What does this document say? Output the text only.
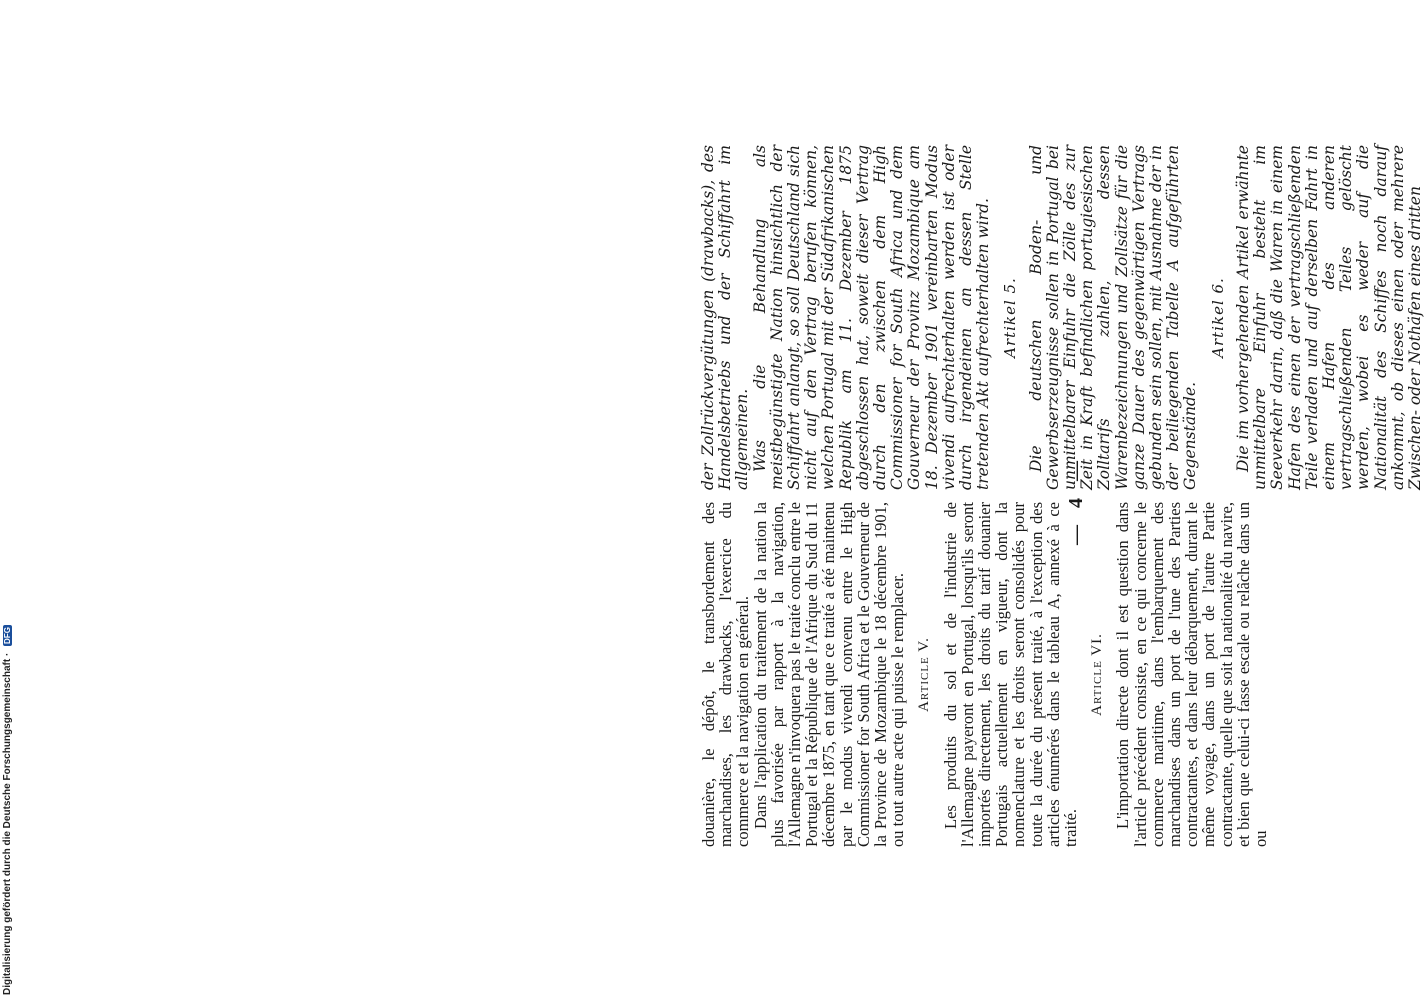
Digitalisierung gefördert durch die Deutsche Forschungsgemeinschaft · DFG
— 4 —

douanière, le dépôt, le transbordement des marchandises, les drawbacks, l'exercice du commerce et la navigation en général.

Dans l'application du traitement de la nation la plus favorisée par rapport à la navigation, l'Allemagne n'invoquera pas le traité conclu entre le Portugal et la République de l'Afrique du Sud du 11 décembre 1875, en tant que ce traité a été maintenu par le modus vivendi convenu entre le High Commissioner for South Africa et le Gouverneur de la Province de Mozambique le 18 décembre 1901, ou tout autre acte qui puisse le remplacer. Article V. Les produits du sol et de l'industrie de l'Allemagne payeront en Portugal, lorsqu'ils seront importés directement, les droits du tarif douanier Portugais actuellement en vigueur, dont la nomenclature et les droits seront consolidés pour toute la durée du présent traité, à l'exception des articles énumérés dans le tableau A, annexé à ce traité.

Article VI. L'importation directe dont il est question dans l'article précédent consiste, en ce qui concerne le commerce maritime, dans l'embarquement des marchandises dans un port de l'une des Parties contractantes, et dans leur débarquement, durant le même voyage, dans un port de l'autre Partie contractante, quelle que soit la nationalité du navire, et bien que celui-ci fasse escale ou relâche dans un ou

der Zollrückvergütungen (drawbacks), des Handelsbetriebs und der Schiffahrt im allgemeinen. Was die Behandlung als meistbegünstigte Nation hinsichtlich der Schiffahrt anlangt, so soll Deutschland sich nicht auf den Vertrag berufen können, welchen Portugal mit der Südafrikanischen Republik am 11. Dezember 1875 abgeschlossen hat, soweit dieser Vertrag durch den zwischen dem High Commissioner for South Africa und dem Gouverneur der Provinz Mozambique am 18. Dezember 1901 vereinbarten Modus vivendi aufrechterhalten werden ist oder durch irgendeinen an dessen Stelle tretenden Akt aufrechterhalten wird. Artikel 5. Die deutschen Boden- und Gewerbserzeugnisse sollen in Portugal bei unmittelbarer Einfuhr die Zölle des zur Zeit in Kraft befindlichen portugiesischen Zolltarifs zahlen, dessen Warenbezeichnungen und Zollsätze für die ganze Dauer des gegenwärtigen Vertrags gebunden sein sollen, mit Ausnahme der in der beiliegenden Tabelle A aufgeführten Gegenstände.

Artikel 6. Die im vorhergehenden Artikel erwähnte unmittelbare Einfuhr besteht im Seeverkehr darin, daß die Waren in einem Hafen des einen der vertragschließenden Teile verladen und auf derselben Fahrt in einem Hafen des anderen vertragschließenden Teiles gelöscht werden, wobei es weder auf die Nationalität des Schiffes noch darauf ankommt, ob dieses einen oder mehrere Zwischen- oder Nothäfen eines dritten
